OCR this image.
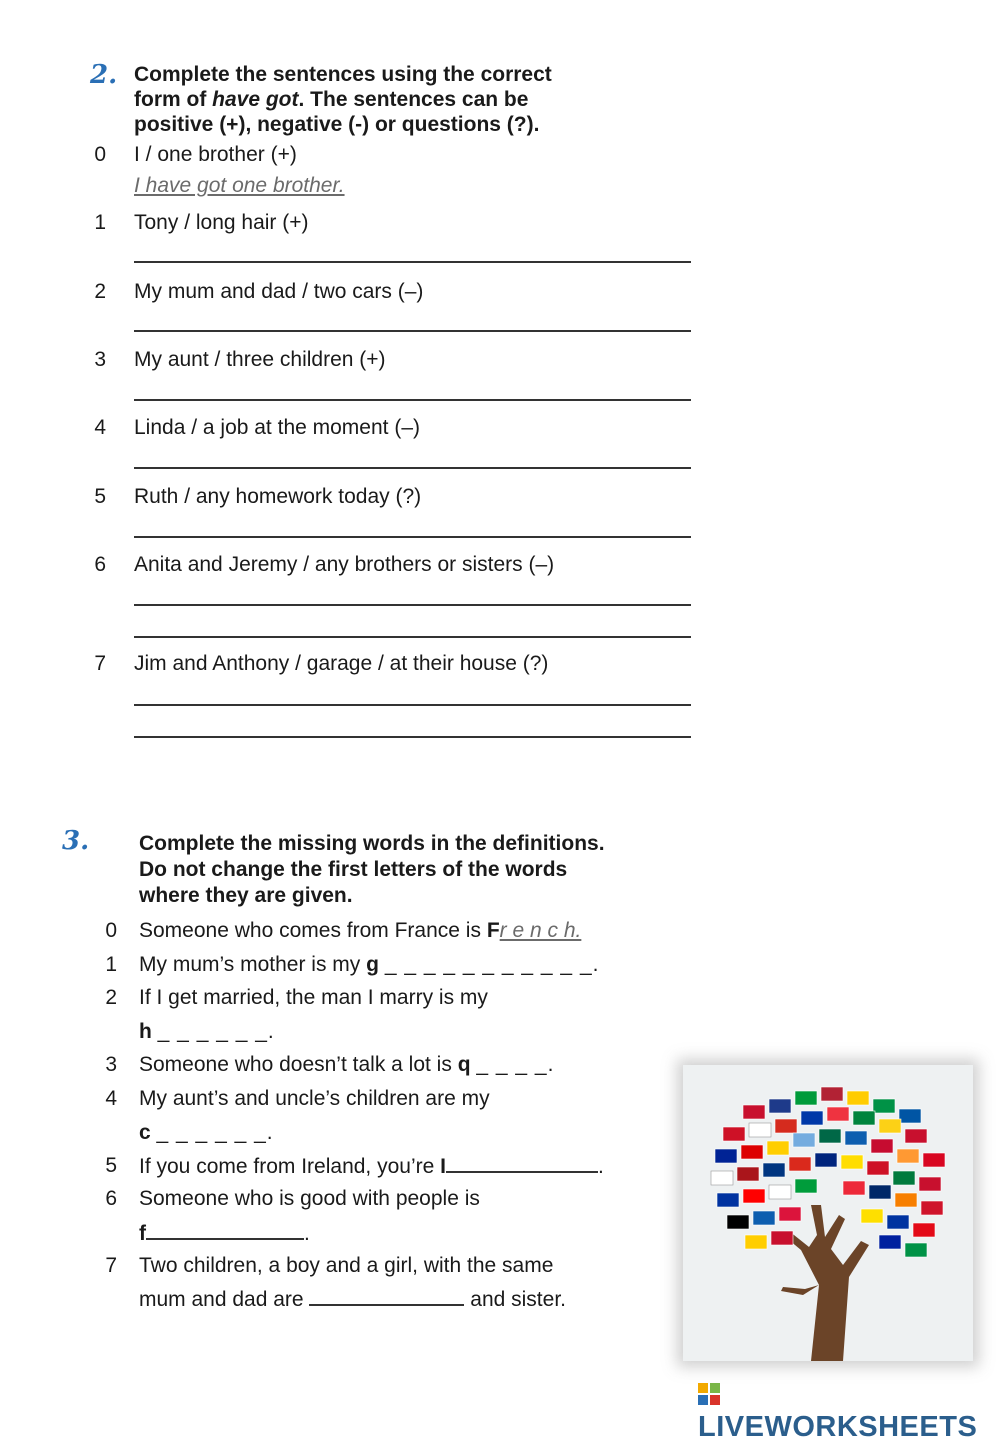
2. Complete the sentences using the correct
form of have got. The sentences can be
positive (+), negative (-) or questions (?).
0 I / one brother (+)
I have got one brother.
1 Tony / long hair (+)
2 My mum and dad / two cars (–)
3 My aunt / three children (+)
4 Linda / a job at the moment (–)
5 Ruth / any homework today (?)
6 Anita and Jeremy / any brothers or sisters (–)
7 Jim and Anthony / garage / at their house (?)
3. Complete the missing words in the definitions.
Do not change the first letters of the words
where they are given.
0 Someone who comes from France is Fr e n c h.
1 My mum’s mother is my g _ _ _ _ _ _ _ _ _ _ _.
2 If I get married, the man I marry is my
h _ _ _ _ _ _.
3 Someone who doesn’t talk a lot is q _ _ _ _.
4 My aunt’s and uncle’s children are my
c _ _ _ _ _ _.
5 If you come from Ireland, you’re I	.
6 Someone who is good with people is
f	.
7 Two children, a boy and a girl, with the same
mum and dad are	and sister.
LIVEWORKSHEETS
